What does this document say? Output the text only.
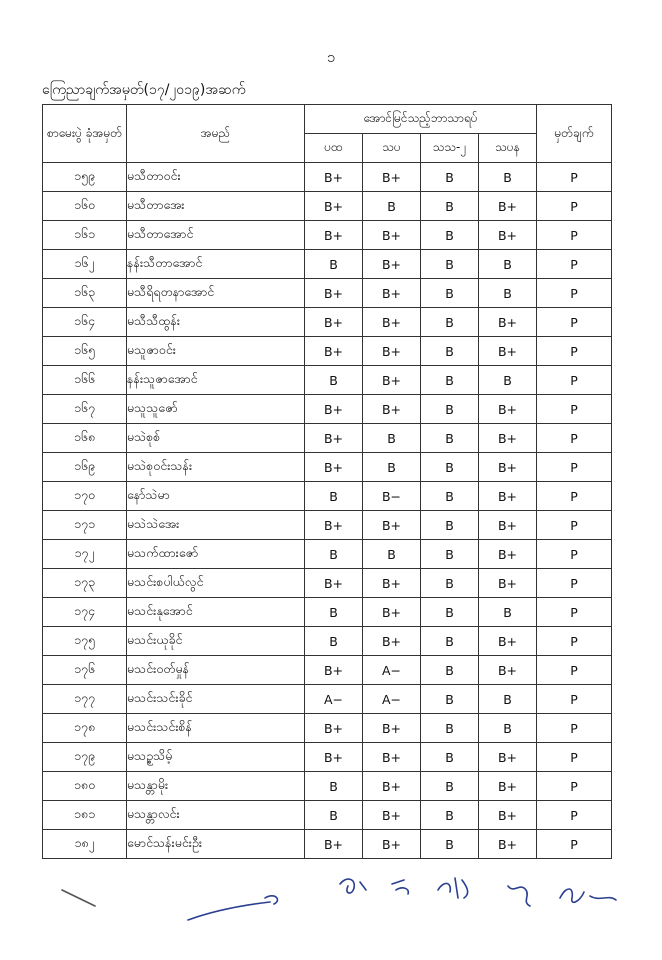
၁
ကြေညာချက်အမှတ်(၁၇/၂၀၁၉)အဆက်
စာမေးပွဲ ခုံအမှတ်	အမည်	အောင်မြင်သည့်ဘာသာရပ်				မှတ်ချက်
		ပထ	သပ	သသ-၂	သပန	
၁၅၉	မသီတာဝင်း	B+	B+	B	B	P
၁၆၀	မသီတာအေး	B+	B	B	B+	P
၁၆၁	မသီတာအောင်	B+	B+	B	B+	P
၁၆၂	နန်းသီတာအောင်	B	B+	B	B	P
၁၆၃	မသီရိရတနာအောင်	B+	B+	B	B	P
၁၆၄	မသီသီထွန်း	B+	B+	B	B+	P
၁၆၅	မသူဇာဝင်း	B+	B+	B	B+	P
၁၆၆	နန်းသူဇာအောင်	B	B+	B	B	P
၁၆၇	မသူသူဇော်	B+	B+	B	B+	P
၁၆၈	မသဲစုစ်	B+	B	B	B+	P
၁၆၉	မသဲစုဝင်းသန်း	B+	B	B	B+	P
၁၇၀	နော်သဲမာ	B	B−	B	B+	P
၁၇၁	မသဲသဲအေး	B+	B+	B	B+	P
၁၇၂	မသက်ထားဇော်	B	B	B	B+	P
၁၇၃	မသင်းစပါယ်လွင်	B+	B+	B	B+	P
၁၇၄	မသင်းနုအောင်	B	B+	B	B	P
၁၇၅	မသင်းယုခိုင်	B	B+	B	B+	P
၁၇၆	မသင်းဝတ်မှုန်	B+	A−	B	B+	P
၁၇၇	မသင်းသင်းခိုင်	A−	A−	B	B	P
၁၇၈	မသင်းသင်းစိန်	B+	B+	B	B	P
၁၇၉	မသဥ္စသိမ့်	B+	B+	B	B+	P
၁၈၀	မသန္တာမိုး	B	B+	B	B+	P
၁၈၁	မသန္တာလင်း	B	B+	B	B+	P
၁၈၂	မောင်သန်းမင်းဦး	B+	B+	B	B+	P
